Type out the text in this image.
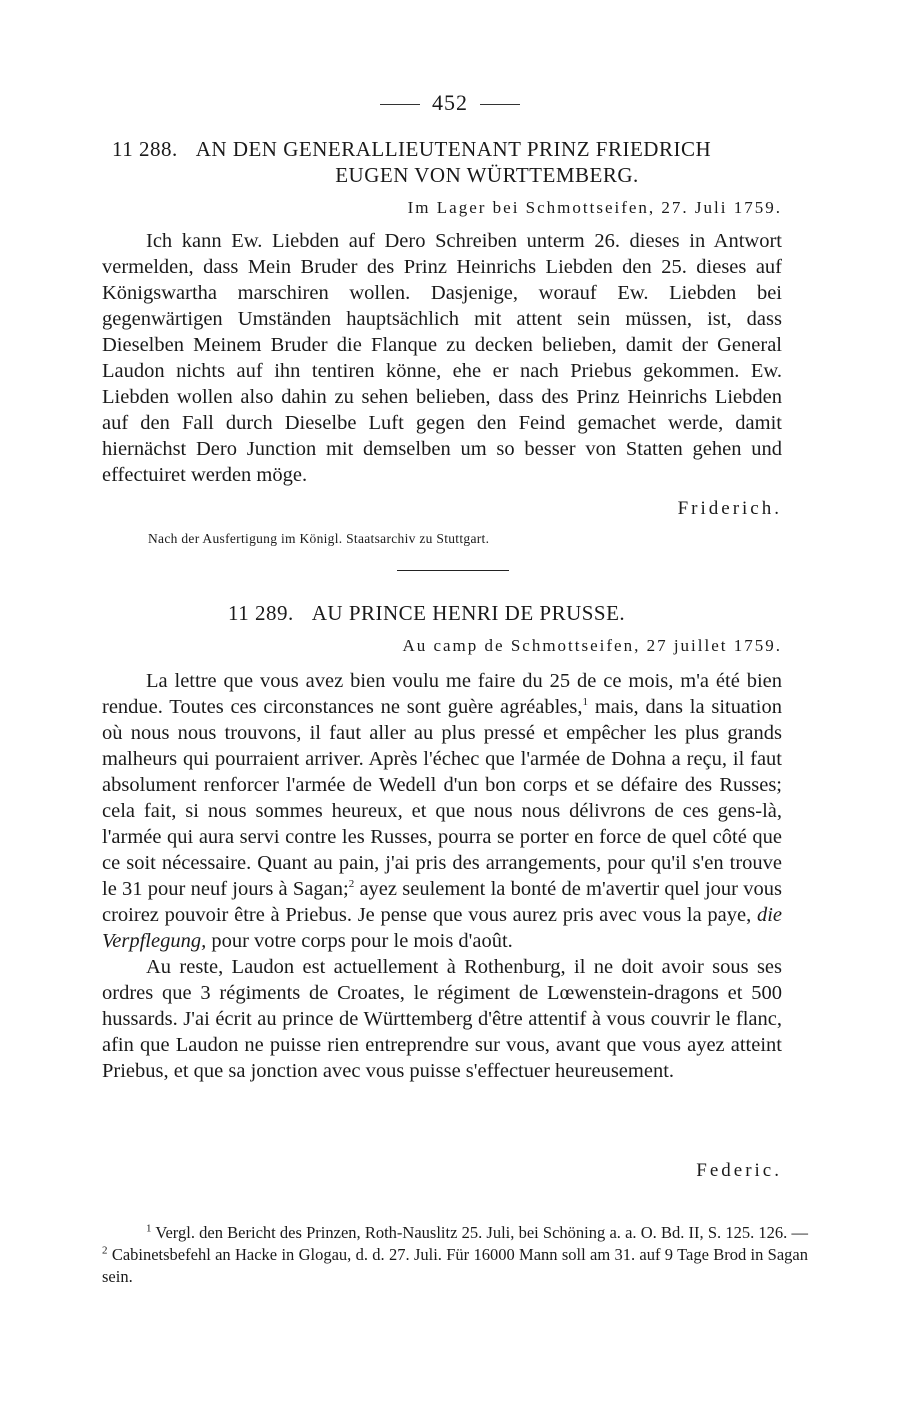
452
11 288. AN DEN GENERALLIEUTENANT PRINZ FRIEDRICH
EUGEN VON WÜRTTEMBERG.
Im Lager bei Schmottseifen, 27. Juli 1759.

Ich kann Ew. Liebden auf Dero Schreiben unterm 26. dieses in Antwort vermelden, dass Mein Bruder des Prinz Heinrichs Liebden den 25. dieses auf Königswartha marschiren wollen. Dasjenige, worauf Ew. Liebden bei gegenwärtigen Umständen hauptsächlich mit attent sein müssen, ist, dass Dieselben Meinem Bruder die Flanque zu decken belieben, damit der General Laudon nichts auf ihn tentiren könne, ehe er nach Priebus gekommen. Ew. Liebden wollen also dahin zu sehen belieben, dass des Prinz Heinrichs Liebden auf den Fall durch Dieselbe Luft gegen den Feind gemachet werde, damit hiernächst Dero Junction mit demselben um so besser von Statten gehen und effectuiret werden möge.

Friderich.
Nach der Ausfertigung im Königl. Staatsarchiv zu Stuttgart.
11 289. AU PRINCE HENRI DE PRUSSE.
Au camp de Schmottseifen, 27 juillet 1759.

La lettre que vous avez bien voulu me faire du 25 de ce mois, m'a été bien rendue. Toutes ces circonstances ne sont guère agréables,$^1$ mais, dans la situation où nous nous trouvons, il faut aller au plus pressé et empêcher les plus grands malheurs qui pourraient arriver. Après l'échec que l'armée de Dohna a reçu, il faut absolument renforcer l'armée de Wedell d'un bon corps et se défaire des Russes; cela fait, si nous sommes heureux, et que nous nous délivrons de ces gens-là, l'armée qui aura servi contre les Russes, pourra se porter en force de quel côté que ce soit nécessaire. Quant au pain, j'ai pris des arrangements, pour qu'il s'en trouve le 31 pour neuf jours à Sagan;$^2$ ayez seulement la bonté de m'avertir quel jour vous croirez pouvoir être à Priebus. Je pense que vous aurez pris avec vous la paye, die Verpflegung, pour votre corps pour le mois d'août.

Au reste, Laudon est actuellement à Rothenburg, il ne doit avoir sous ses ordres que 3 régiments de Croates, le régiment de Lœwenstein-dragons et 500 hussards. J'ai écrit au prince de Württemberg d'être attentif à vous couvrir le flanc, afin que Laudon ne puisse rien entreprendre sur vous, avant que vous ayez atteint Priebus, et que sa jonction avec vous puisse s'effectuer heureusement.

Federic.

$^1$ Vergl. den Bericht des Prinzen, Roth-Nauslitz 25. Juli, bei Schöning a. a. O. Bd. II, S. 125. 126. — $^2$ Cabinetsbefehl an Hacke in Glogau, d. d. 27. Juli. Für 16000 Mann soll am 31. auf 9 Tage Brod in Sagan sein.
